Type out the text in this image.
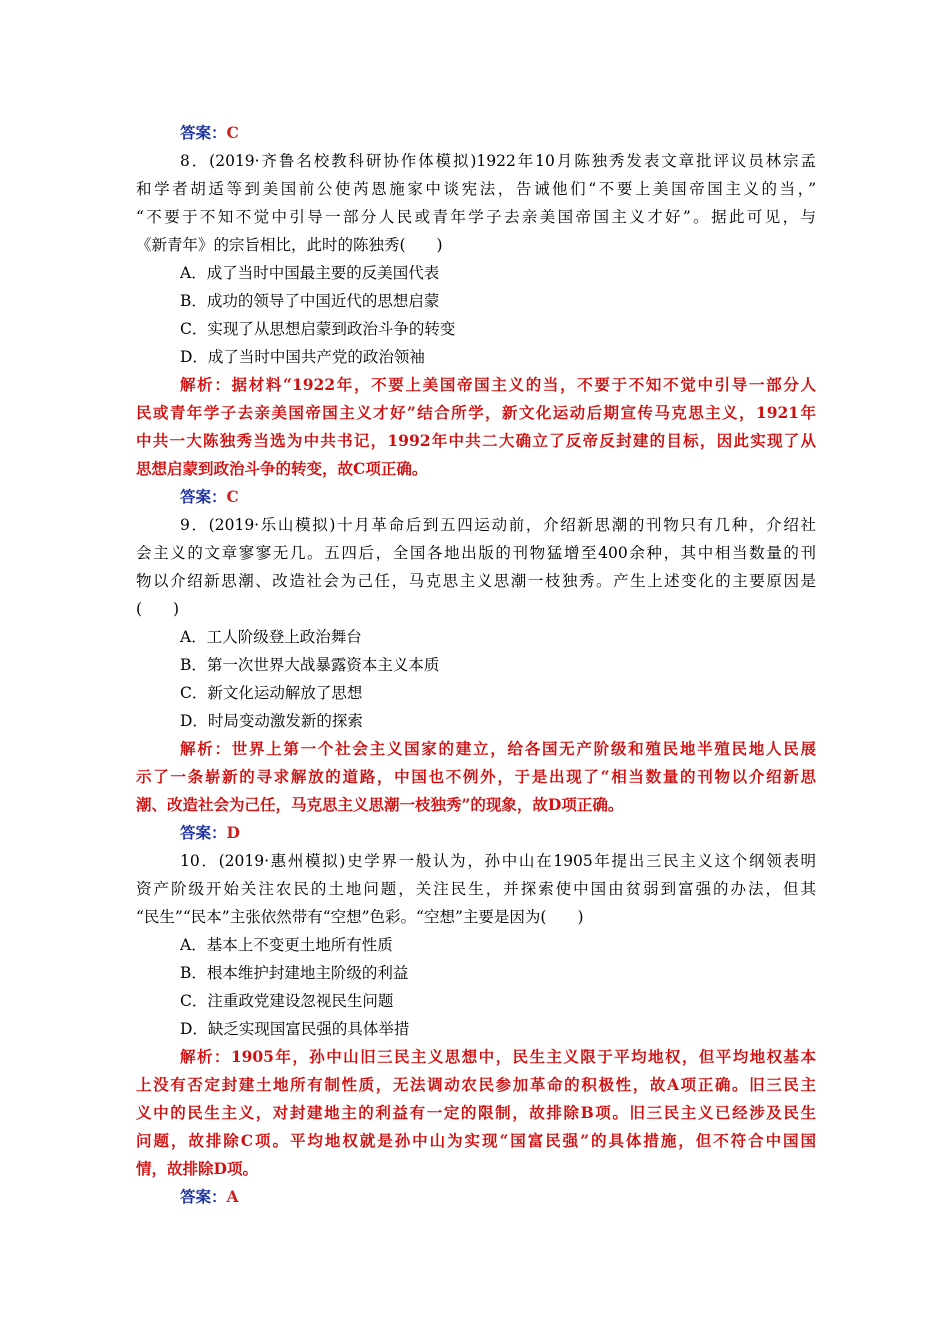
答案：C
8．(2019·齐鲁名校教科研协作体模拟)1922年10月陈独秀发表文章批评议员林宗孟
和学者胡适等到美国前公使芮恩施家中谈宪法，告诫他们“不要上美国帝国主义的当，”
“不要于不知不觉中引导一部分人民或青年学子去亲美国帝国主义才好”。据此可见，与
《新青年》的宗旨相比，此时的陈独秀(　　)
A．成了当时中国最主要的反美国代表
B．成功的领导了中国近代的思想启蒙
C．实现了从思想启蒙到政治斗争的转变
D．成了当时中国共产党的政治领袖
解析：据材料“1922年，不要上美国帝国主义的当，不要于不知不觉中引导一部分人
民或青年学子去亲美国帝国主义才好”结合所学，新文化运动后期宣传马克思主义，1921年
中共一大陈独秀当选为中共书记，1992年中共二大确立了反帝反封建的目标，因此实现了从
思想启蒙到政治斗争的转变，故C项正确。
答案：C
9．(2019·乐山模拟)十月革命后到五四运动前，介绍新思潮的刊物只有几种，介绍社
会主义的文章寥寥无几。五四后，全国各地出版的刊物猛增至400余种，其中相当数量的刊
物以介绍新思潮、改造社会为己任，马克思主义思潮一枝独秀。产生上述变化的主要原因是
(　　)
A．工人阶级登上政治舞台
B．第一次世界大战暴露资本主义本质
C．新文化运动解放了思想
D．时局变动激发新的探索
解析：世界上第一个社会主义国家的建立，给各国无产阶级和殖民地半殖民地人民展
示了一条崭新的寻求解放的道路，中国也不例外，于是出现了“相当数量的刊物以介绍新思
潮、改造社会为己任，马克思主义思潮一枝独秀”的现象，故D项正确。
答案：D
10．(2019·惠州模拟)史学界一般认为，孙中山在1905年提出三民主义这个纲领表明
资产阶级开始关注农民的土地问题，关注民生，并探索使中国由贫弱到富强的办法，但其
“民生”“民本”主张依然带有“空想”色彩。“空想”主要是因为(　　)
A．基本上不变更土地所有性质
B．根本维护封建地主阶级的利益
C．注重政党建设忽视民生问题
D．缺乏实现国富民强的具体举措
解析：1905年，孙中山旧三民主义思想中，民生主义限于平均地权，但平均地权基本
上没有否定封建土地所有制性质，无法调动农民参加革命的积极性，故A项正确。旧三民主
义中的民生主义，对封建地主的利益有一定的限制，故排除B项。旧三民主义已经涉及民生
问题，故排除C项。平均地权就是孙中山为实现“国富民强”的具体措施，但不符合中国国
情，故排除D项。
答案：A
